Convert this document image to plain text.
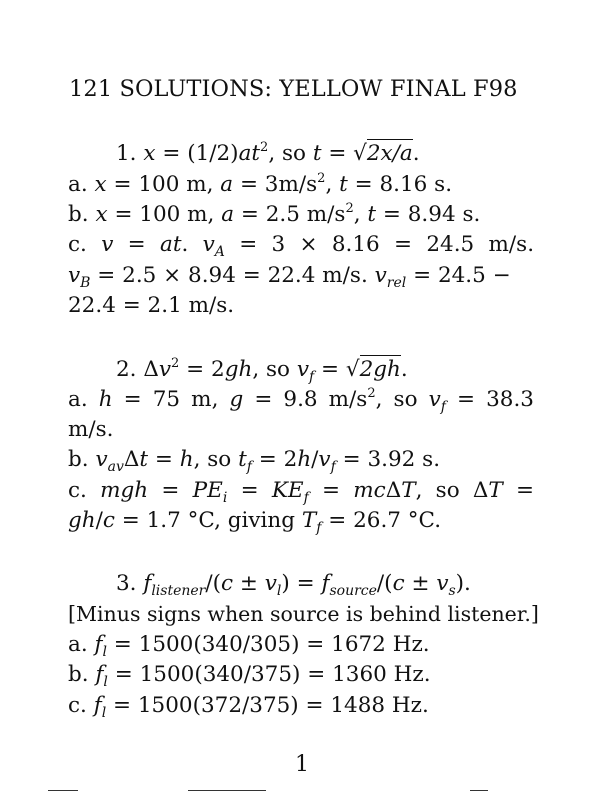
121 SOLUTIONS: YELLOW FINAL F98
1. $x = (1/2)at^2$, so t = √2x/a.
a. x = 100 m, $a = 3m/s^2$, t = 8.16 s.
b. x = 100 m, a = 2.5 $m/s^2$, t = 8.94 s.
c. v = at. $v_A = 3 \times 8.16 = 24.5$ m/s.
$v_B = 2.5 \times 8.94 = 22.4$ m/s. $v_{rel} = 24.5$ −
22.4 = 2.1 m/s.
2. $\Delta v^2 = 2gh$, so $v_f = √2gh$.
a. h = 75 m, g = 9.8 $m/s^2$, so $v_f = 38.3$
m/s.
b. $v_{av}\Delta t = h$, so $t_f = 2h/v_f = 3.92$ s.
c. mgh = $PE_i = KE_f = mc\Delta T$, so ΔT =
gh/c = 1.7 °C, giving $T_f = 26.7$ °C.
3. $f_{listener}/(c \pm v_l) = f_{source}/(c \pm v_s)$.
[Minus signs when source is behind listener.]
a. $f_l = 1500(340/305) = 1672$ Hz.
b. $f_l = 1500(340/375) = 1360$ Hz.
c. $f_l = 1500(372/375) = 1488$ Hz.
1
